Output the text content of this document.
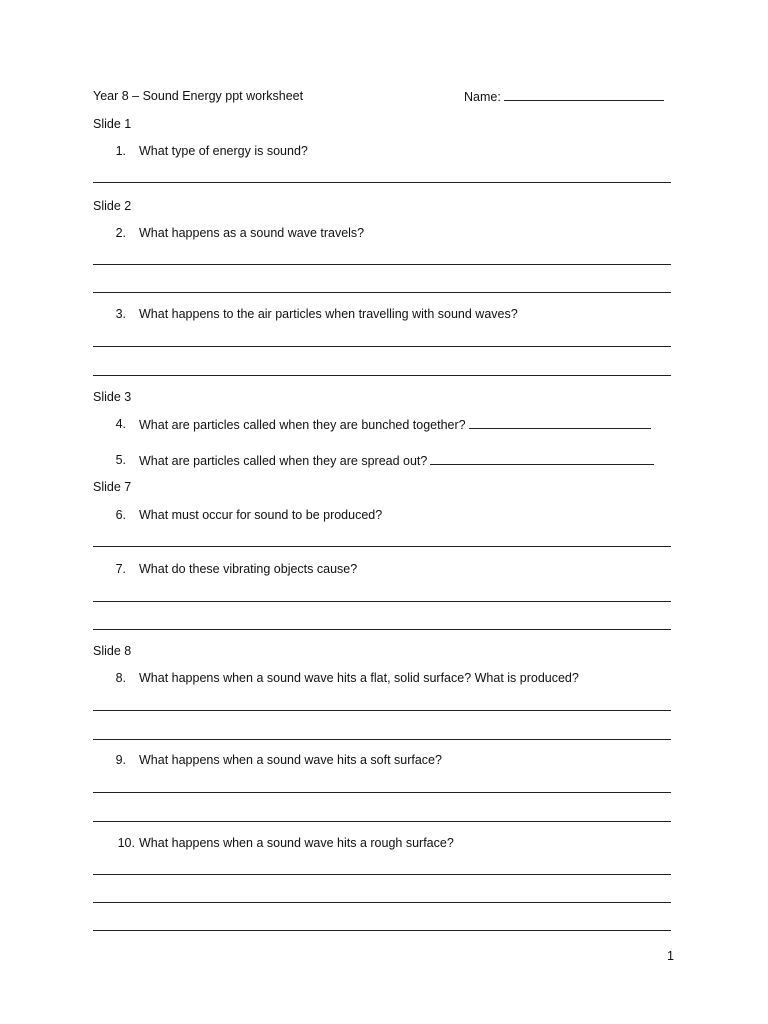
Year 8 – Sound Energy ppt worksheet	Name:
Slide 1
1. What type of energy is sound?
Slide 2
2. What happens as a sound wave travels?
3. What happens to the air particles when travelling with sound waves?
Slide 3
4. What are particles called when they are bunched together?
5. What are particles called when they are spread out?
Slide 7
6. What must occur for sound to be produced?
7. What do these vibrating objects cause?
Slide 8
8. What happens when a sound wave hits a flat, solid surface? What is produced?
9. What happens when a sound wave hits a soft surface?
10. What happens when a sound wave hits a rough surface?
1
